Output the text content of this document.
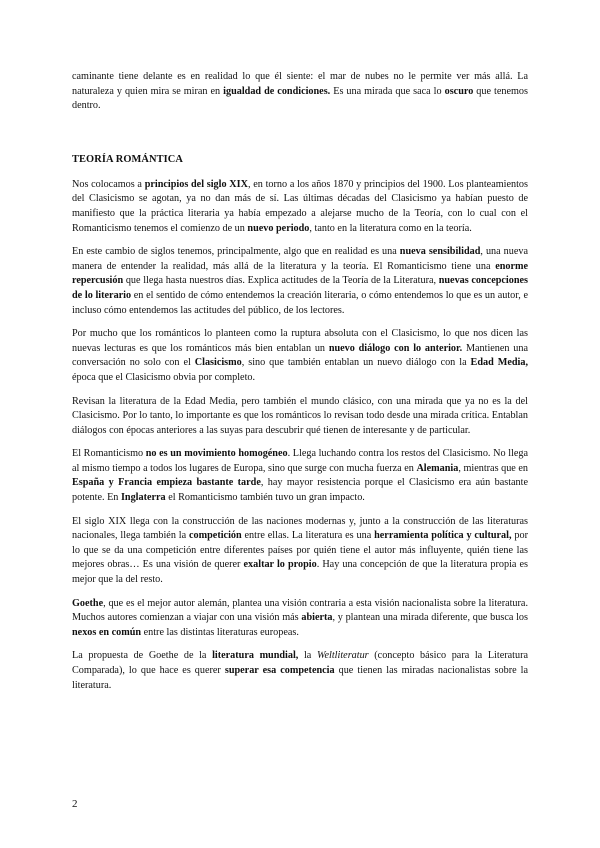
caminante tiene delante es en realidad lo que él siente: el mar de nubes no le permite ver más allá. La naturaleza y quien mira se miran en igualdad de condiciones. Es una mirada que saca lo oscuro que tenemos dentro.

TEORÍA ROMÁNTICA

Nos colocamos a principios del siglo XIX, en torno a los años 1870 y principios del 1900. Los planteamientos del Clasicismo se agotan, ya no dan más de sí. Las últimas décadas del Clasicismo ya habían puesto de manifiesto que la práctica literaria ya había empezado a alejarse mucho de la Teoría, con lo cual con el Romanticismo tenemos el comienzo de un nuevo periodo, tanto en la literatura como en la teoría.

En este cambio de siglos tenemos, principalmente, algo que en realidad es una nueva sensibilidad, una nueva manera de entender la realidad, más allá de la literatura y la teoría. El Romanticismo tiene una enorme repercusión que llega hasta nuestros días. Explica actitudes de la Teoría de la Literatura, nuevas concepciones de lo literario en el sentido de cómo entendemos la creación literaria, o cómo entendemos lo que es un autor, e incluso cómo entendemos las actitudes del público, de los lectores.

Por mucho que los románticos lo planteen como la ruptura absoluta con el Clasicismo, lo que nos dicen las nuevas lecturas es que los románticos más bien entablan un nuevo diálogo con lo anterior. Mantienen una conversación no solo con el Clasicismo, sino que también entablan un nuevo diálogo con la Edad Media, época que el Clasicismo obvia por completo.

Revisan la literatura de la Edad Media, pero también el mundo clásico, con una mirada que ya no es la del Clasicismo. Por lo tanto, lo importante es que los románticos lo revisan todo desde una mirada crítica. Entablan diálogos con épocas anteriores a las suyas para descubrir qué tienen de interesante y de particular.

El Romanticismo no es un movimiento homogéneo. Llega luchando contra los restos del Clasicismo. No llega al mismo tiempo a todos los lugares de Europa, sino que surge con mucha fuerza en Alemania, mientras que en España y Francia empieza bastante tarde, hay mayor resistencia porque el Clasicismo era aún bastante potente. En Inglaterra el Romanticismo también tuvo un gran impacto.

El siglo XIX llega con la construcción de las naciones modernas y, junto a la construcción de las literaturas nacionales, llega también la competición entre ellas. La literatura es una herramienta política y cultural, por lo que se da una competición entre diferentes países por quién tiene el autor más influyente, quién tiene las mejores obras… Es una visión de querer exaltar lo propio. Hay una concepción de que la literatura propia es mejor que la del resto.

Goethe, que es el mejor autor alemán, plantea una visión contraria a esta visión nacionalista sobre la literatura. Muchos autores comienzan a viajar con una visión más abierta, y plantean una mirada diferente, que busca los nexos en común entre las distintas literaturas europeas.

La propuesta de Goethe de la literatura mundial, la Weltliteratur (concepto básico para la Literatura Comparada), lo que hace es querer superar esa competencia que tienen las miradas nacionalistas sobre la literatura.

2
